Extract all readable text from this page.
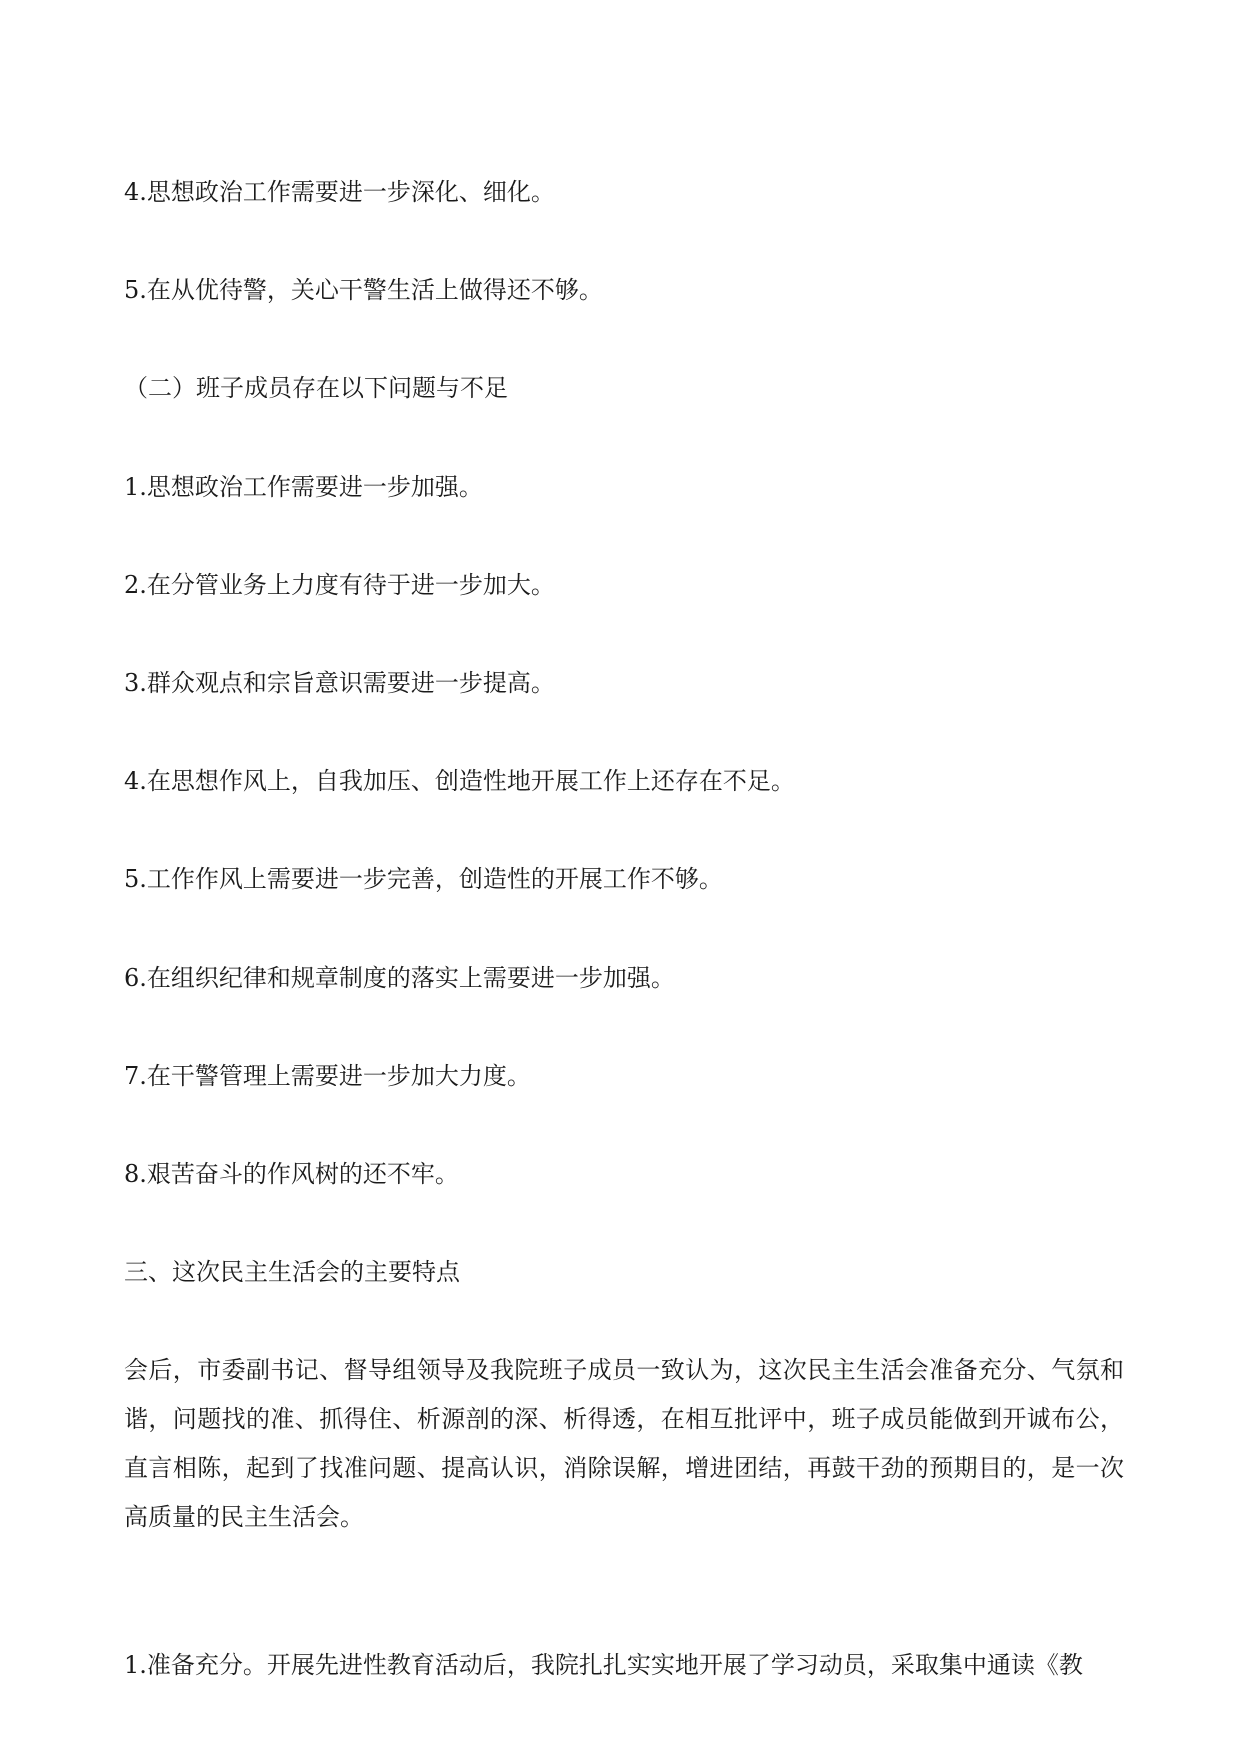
4.思想政治工作需要进一步深化、细化。

5.在从优待警，关心干警生活上做得还不够。

（二）班子成员存在以下问题与不足

1.思想政治工作需要进一步加强。

2.在分管业务上力度有待于进一步加大。

3.群众观点和宗旨意识需要进一步提高。

4.在思想作风上，自我加压、创造性地开展工作上还存在不足。

5.工作作风上需要进一步完善，创造性的开展工作不够。

6.在组织纪律和规章制度的落实上需要进一步加强。

7.在干警管理上需要进一步加大力度。

8.艰苦奋斗的作风树的还不牢。

三、这次民主生活会的主要特点

会后，市委副书记、督导组领导及我院班子成员一致认为，这次民主生活会准备充分、气氛和谐，问题找的准、抓得住、析源剖的深、析得透，在相互批评中，班子成员能做到开诚布公，直言相陈，起到了找准问题、提高认识，消除误解，增进团结，再鼓干劲的预期目的，是一次高质量的民主生活会。

1.准备充分。开展先进性教育活动后，我院扎扎实实地开展了学习动员，采取集中通读《教
